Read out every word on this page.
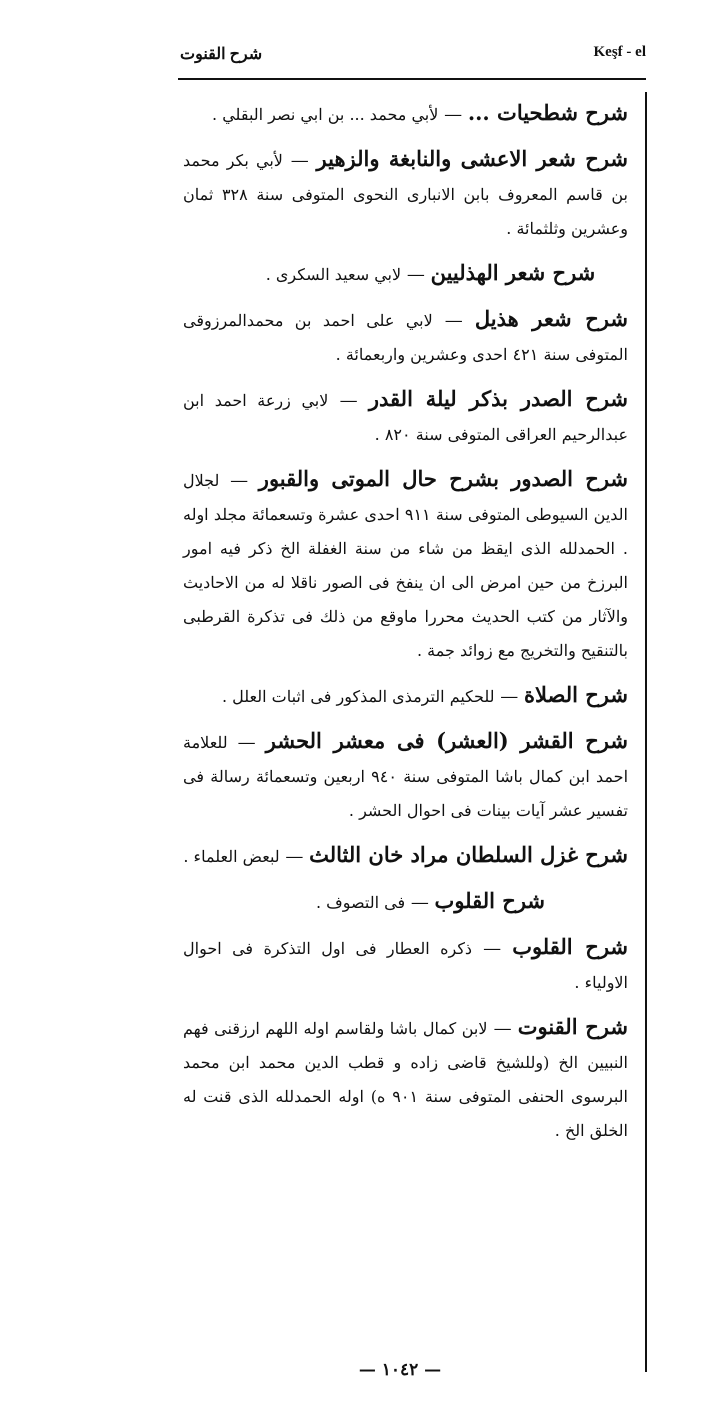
Keşf - el
شرح القنوت

شرح شطحيات ... — لأبي محمد ... بن ابي نصر البقلي .

شرح شعر الاعشى والنابغة والزهير — لأبي بكر محمد بن قاسم المعروف بابن الانبارى النحوى المتوفى سنة ٣٢٨ ثمان وعشرين وثلثمائة .

شرح شعر الهذليين — لابي سعيد السكرى .

شرح شعر هذيل — لابي على احمد بن محمدالمرزوقى المتوفى سنة ٤٢١ احدى وعشرين واربعمائة .

شرح الصدر بذكر ليلة القدر — لابي زرعة احمد ابن عبدالرحيم العراقى المتوفى سنة ٨٢٠ .

شرح الصدور بشرح حال الموتى والقبور — لجلال الدين السيوطى المتوفى سنة ٩١١ احدى عشرة وتسعمائة مجلد اوله . الحمدلله الذى ايقظ من شاء من سنة الغفلة الخ ذكر فيه امور البرزخ من حين امرض الى ان ينفخ فى الصور ناقلا له من الاحاديث والآثار من كتب الحديث محررا ماوقع من ذلك فى تذكرة القرطبى بالتنقيح والتخريج مع زوائد جمة .

شرح الصلاة — للحكيم الترمذى المذكور فى اثبات العلل .

شرح القشر (العشر) فى معشر الحشر — للعلامة احمد ابن كمال باشا المتوفى سنة ٩٤٠ اربعين وتسعمائة رسالة فى تفسير عشر آيات بينات فى احوال الحشر .

شرح غزل السلطان مراد خان الثالث — لبعض العلماء .

شرح القلوب — فى التصوف .

شرح القلوب — ذكره العطار فى اول التذكرة فى احوال الاولياء .

شرح القنوت — لابن كمال باشا ولقاسم اوله اللهم ارزقنى فهم النبيين الخ (وللشيخ قاضى زاده و قطب الدين محمد ابن محمد البرسوى الحنفى المتوفى سنة ٩٠١ ه) اوله الحمدلله الذى قنت له الخلق الخ .

— ١٠٤٢ —
